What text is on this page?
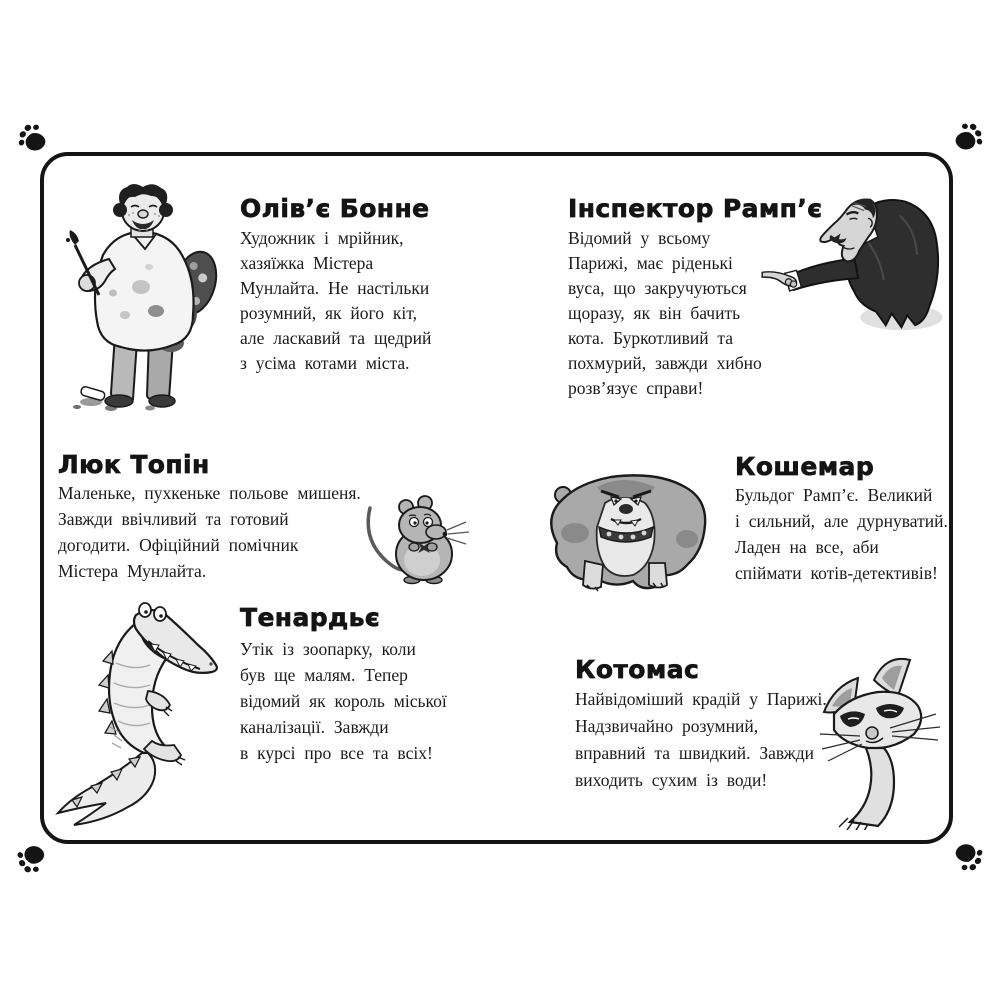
Олів’є Бонне
Художник і мрійник,
хазяїжка Містера
Мунлайта. Не настільки
розумний, як його кіт,
але ласкавий та щедрий
з усіма котами міста.
Інспектор Рамп’є
Відомий у всьому
Парижі, має ріденькі
вуса, що закручуються
щоразу, як він бачить
кота. Буркотливий та
похмурий, завжди хибно
розв’язує справи!
Люк Топін
Маленьке, пухкеньке польове мишеня.
Завжди ввічливий та готовий
догодити. Офіційний помічник
Містера Мунлайта.
Кошемар
Бульдог Рамп’є. Великий
і сильний, але дурнуватий.
Ладен на все, аби
спіймати котів-детективів!
Тенардьє
Утік із зоопарку, коли
був ще малям. Тепер
відомий як король міської
каналізації. Завжди
в курсі про все та всіх!
Котомас
Найвідоміший крадій у Парижі.
Надзвичайно розумний,
вправний та швидкий. Завжди
виходить сухим із води!
